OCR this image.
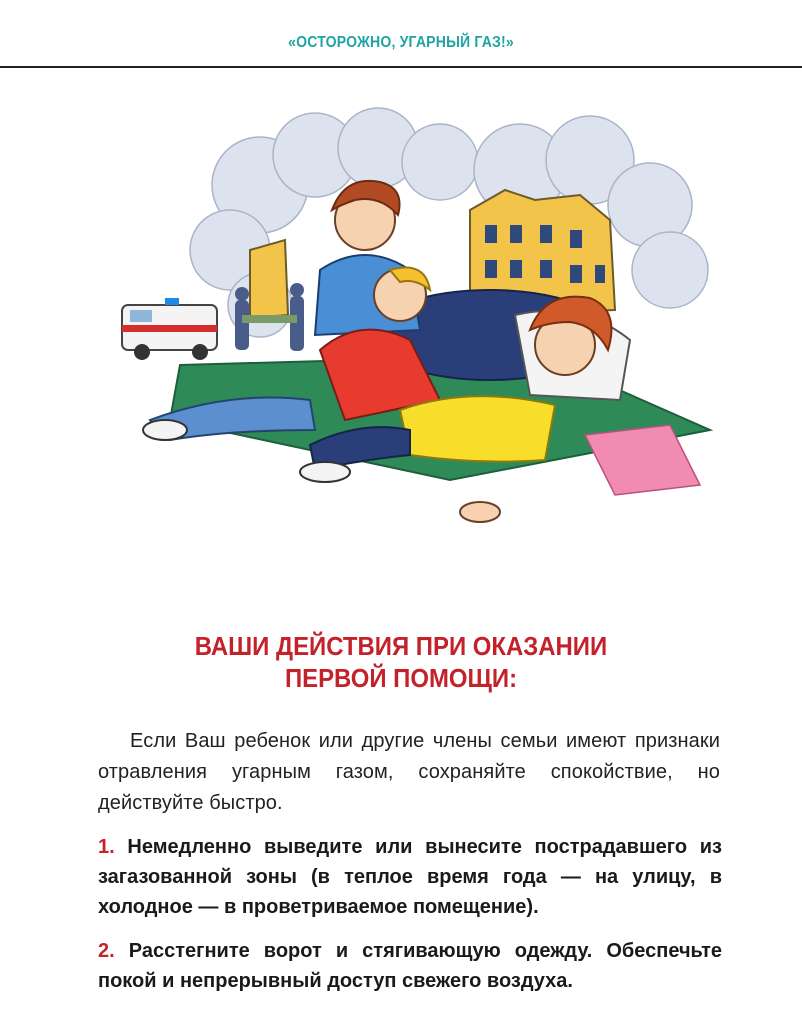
«ОСТОРОЖНО, УГАРНЫЙ ГАЗ!»
ВАШИ ДЕЙСТВИЯ ПРИ ОКАЗАНИИ
ПЕРВОЙ ПОМОЩИ:
Если Ваш ребенок или другие члены семьи имеют признаки отравления угарным газом, сохраняйте спокойствие, но действуйте быстро.
1. Немедленно выведите или вынесите пострадавшего из загазованной зоны (в теплое время года — на улицу, в холодное — в проветриваемое помещение).
2. Расстегните ворот и стягивающую одежду. Обеспечьте покой и непрерывный доступ свежего воздуха.
